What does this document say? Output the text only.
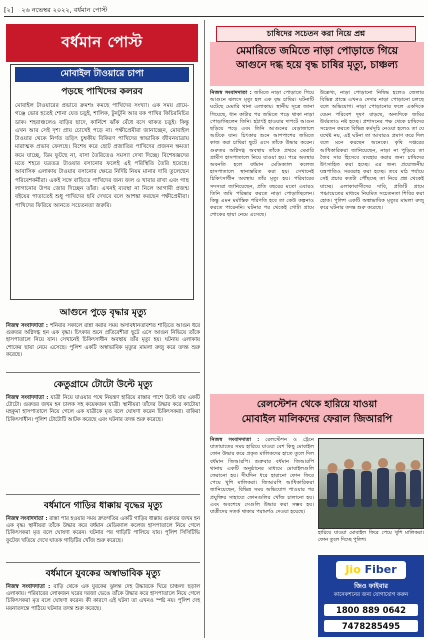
[২] ২৬ নভেম্বর ২০২২, বর্ধমান পোস্ট
বর্ধমান পোস্ট
মোবাইল টাওয়ারে চাপা
পড়ছে পাখিদের কলরব

মোবাইল টাওয়ারের প্রভাবে ক্রমশঃ কমছে পাখিদের সংখ্যা। এক সময় গ্রামে-গঞ্জে ভোর হতেই শোনা যেত চড়ুই, শালিক, টুনটুনি আর বক পাখির কিচিরমিচির ডাক। শহরাঞ্চলেও বাড়ির ছাদে, কার্নিশে ঝাঁক বেঁধে বসে থাকত চড়ুই। কিন্তু এখন আর সেই দৃশ্য প্রায় চোখেই পড়ে না। পক্ষীপ্রেমীরা জানাচ্ছেন, মোবাইল টাওয়ার থেকে নির্গত তড়িৎ চুম্বকীয় বিকিরণ পাখিদের স্বাভাবিক জীবনযাত্রায় মারাত্মক প্রভাব ফেলছে। বিশেষ করে ছোট প্রজাতির পাখিদের প্রজনন ক্ষমতা কমে যাচ্ছে, ডিম ফুটছে না, বাসা তৈরিতেও সমস্যা দেখা দিচ্ছে। বিশেষজ্ঞদের মতে শহরে যত্রতত্র টাওয়ার বসানোর ফলেই এই পরিস্থিতি তৈরি হয়েছে। আবাসিক এলাকায় টাওয়ার বসানোর ক্ষেত্রে নির্দিষ্ট নিয়ম মানার দাবি তুলেছেন পরিবেশকর্মীরা। একই সঙ্গে বাড়িতে পাখিদের জন্য জল ও খাবার রাখা এবং গাছ লাগানোর উপর জোর দিচ্ছেন তাঁরা। এখনই ব্যবস্থা না নিলে আগামী প্রজন্ম বইয়ের পাতাতেই শুধু পাখিদের ছবি দেখবে বলে আশঙ্কা করছেন পক্ষীপ্রেমীরা। পাখিদের ফিরিয়ে আনতে সচেতনতা জরুরি।

আগুনে পুড়ে বৃদ্ধার মৃত্যু

নিজস্ব সংবাদদাতা : শনিবার সকালে রান্না করার সময় অসাবধানতাবশত শাড়িতে আগুন ধরে গুরুতর অগ্নিদগ্ধ হন এক বৃদ্ধা। চিৎকার শুনে প্রতিবেশীরা ছুটে এসে আগুন নিভিয়ে তাঁকে হাসপাতালে নিয়ে যান। সেখানেই চিকিৎসাধীন অবস্থায় তাঁর মৃত্যু হয়। ঘটনায় এলাকায় শোকের ছায়া নেমে এসেছে। পুলিশ একটি অস্বাভাবিক মৃত্যুর মামলা রুজু করে তদন্ত শুরু করেছে।

কেতুগ্রামে টোটো উল্টে মৃত্যু

নিজস্ব সংবাদদাতা : যাত্রী নিয়ে যাওয়ার পথে নিয়ন্ত্রণ হারিয়ে রাস্তার পাশে উল্টে যায় একটি টোটো। গুরুতর জখম হন চালক সহ কয়েকজন যাত্রী। স্থানীয়রা তাঁদের উদ্ধার করে কাটোয়া মহকুমা হাসপাতালে নিয়ে গেলে এক যাত্রীকে মৃত বলে ঘোষণা করেন চিকিৎসকরা। বাকিরা চিকিৎসাধীন। পুলিশ টোটোটি আটক করেছে এবং ঘটনার তদন্ত শুরু করেছে।

বর্ধমানে গাড়ির ধাক্কায় বৃদ্ধের মৃত্যু

নিজস্ব সংবাদদাতা : রাস্তা পার হওয়ার সময় দ্রুতগতির একটি গাড়ির ধাক্কায় গুরুতর জখম হন এক বৃদ্ধ। স্থানীয়রা তাঁকে উদ্ধার করে বর্ধমান মেডিক্যাল কলেজ হাসপাতালে নিয়ে গেলে চিকিৎসকরা মৃত বলে ঘোষণা করেন। ঘটনার পর গাড়িটি পালিয়ে যায়। পুলিশ সিসিটিভি ফুটেজ খতিয়ে দেখে ঘাতক গাড়িটির খোঁজ শুরু করেছে।

বর্ধমানে যুবকের অস্বাভাবিক মৃত্যু

নিজস্ব সংবাদদাতা : বাড়ি থেকে এক যুবকের ঝুলন্ত দেহ উদ্ধারকে ঘিরে চাঞ্চল্য ছড়াল এলাকায়। পরিবারের লোকজন ঘরের দরজা ভেঙে তাঁকে উদ্ধার করে হাসপাতালে নিয়ে গেলে চিকিৎসকরা মৃত বলে ঘোষণা করেন। কী কারণে এই ঘটনা তা এখনও স্পষ্ট নয়। পুলিশ দেহ ময়নাতদন্তে পাঠিয়ে ঘটনার তদন্ত শুরু করেছে।

চাষিদের সচেতন করা নিয়ে প্রশ্ন
মেমারিতে জমিতে নাড়া পোড়াতে গিয়ে
আগুনে দগ্ধ হয়ে বৃদ্ধ চাষির মৃত্যু, চাঞ্চল্য

নিজস্ব সংবাদদাতা : জমিতে নাড়া পোড়াতে গিয়ে আগুনে ঝলসে মৃত্যু হল এক বৃদ্ধ চাষির। ঘটনাটি ঘটেছে মেমারি থানা এলাকায়। স্থানীয় সূত্রে জানা গিয়েছে, ধান কাটার পর জমিতে পড়ে থাকা নাড়া পোড়াচ্ছিলেন তিনি। হঠাৎই হাওয়ার দাপটে আগুন ছড়িয়ে পড়ে এবং তিনি আগুনের বেড়াজালে আটকে যান। চিৎকার শুনে আশপাশের জমিতে কাজ করা চাষিরা ছুটে এসে তাঁকে উদ্ধার করেন। গুরুতর অগ্নিদগ্ধ অবস্থায় তাঁকে প্রথমে মেমারি গ্রামীণ হাসপাতালে নিয়ে যাওয়া হয়। পরে অবস্থার অবনতি হলে বর্ধমান মেডিক্যাল কলেজ হাসপাতালে স্থানান্তরিত করা হয়। সেখানেই চিকিৎসাধীন অবস্থায় তাঁর মৃত্যু হয়। পরিবারের সদস্যরা জানিয়েছেন, প্রতি বছরের মতো এবারও তিনি জমি পরিষ্কার করতে নাড়া পোড়াচ্ছিলেন। কিন্তু এমন মর্মান্তিক পরিণতি হবে তা কেউ কল্পনাও করতে পারেননি। ঘটনার পর থেকেই গোটা গ্রামে শোকের ছায়া নেমে এসেছে।

উল্লেখ্য, নাড়া পোড়ানো নিষিদ্ধ হলেও জেলার বিভিন্ন প্রান্তে এখনও দেদার নাড়া পোড়ানো চলছে বলে অভিযোগ। নাড়া পোড়ানোর ফলে একদিকে যেমন পরিবেশ দূষণ বাড়ছে, অন্যদিকে জমির উর্বরতাও নষ্ট হচ্ছে। প্রশাসনের পক্ষ থেকে চাষিদের সচেতন করতে বিভিন্ন কর্মসূচি নেওয়া হলেও তা যে যথেষ্ট নয়, এই ঘটনা তা আবারও প্রমাণ করে দিল বলে মনে করছেন অনেকে। কৃষি দপ্তরের আধিকারিকরা জানিয়েছেন, নাড়া না পুড়িয়ে তা জৈব সার হিসেবে ব্যবহার করার জন্য চাষিদের উৎসাহিত করা হচ্ছে। এর জন্য প্রয়োজনীয় যন্ত্রপাতিও সরবরাহ করা হচ্ছে। তবে মাঠ পর্যায়ে সেই প্রচার কতটা পৌঁছচ্ছে তা নিয়ে প্রশ্ন থেকেই যাচ্ছে। এলাকাবাসীদের দাবি, প্রতিটি গ্রামে পঞ্চায়েতের মাধ্যমে নিয়মিত সচেতনতা শিবির করা হোক। পুলিশ একটি অস্বাভাবিক মৃত্যুর মামলা রুজু করে ঘটনার তদন্ত শুরু করেছে।

রেলস্টেশন থেকে হারিয়ে যাওয়া
মোবাইল মালিকদের ফেরাল জিআরপি

নিজস্ব সংবাদদাতা : রেলস্টেশন ও ট্রেনে যাতায়াতের সময় হারিয়ে যাওয়া বেশ কিছু মোবাইল ফোন উদ্ধার করে প্রকৃত মালিকদের হাতে তুলে দিল বর্ধমান জিআরপি। শুক্রবার বর্ধমান জিআরপি থানায় একটি অনুষ্ঠানের মাধ্যমে মোবাইলগুলি ফেরানো হয়। দীর্ঘদিন ধরে হারানো ফোন ফিরে পেয়ে খুশি মালিকরা। জিআরপি আধিকারিকরা জানিয়েছেন, বিভিন্ন সময় অভিযোগ পাওয়ার পর প্রযুক্তির সাহায্যে ফোনগুলির খোঁজ চালানো হয়। এবং অবশেষে সেগুলি উদ্ধার করা সম্ভব হয়। যাত্রীদের সতর্ক থাকার পরামর্শও দেওয়া হয়েছে।

হারিয়ে যাওয়া মোবাইল ফিরে পেয়ে খুশি মালিকরা। ফোন তুলে দিচ্ছে পুলিশ।

Jio Fiber
জিও ফাইবার
কানেকশনের জন্য যোগাযোগ করুন
1800 889 0642
7478285495
